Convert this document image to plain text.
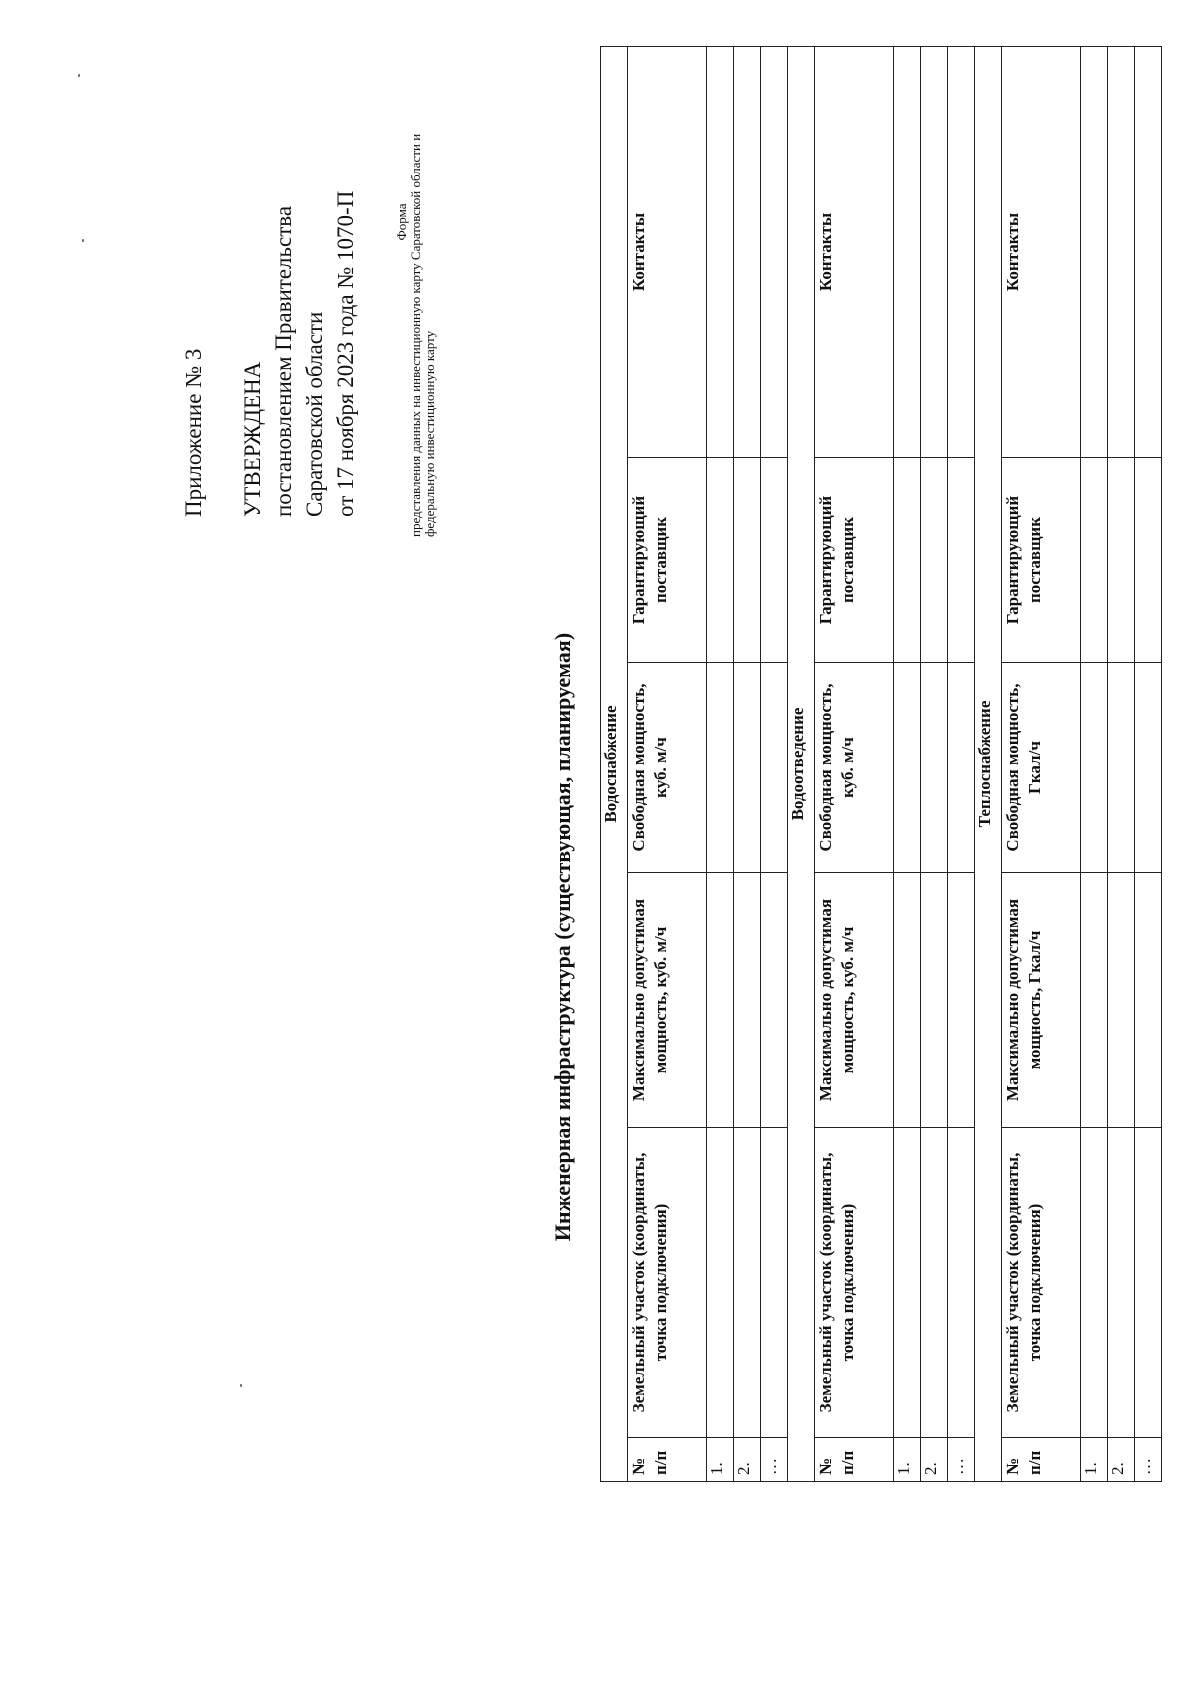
Приложение № 3 УТВЕРЖДЕНА постановлением Правительства Саратовской области от 17 ноября 2023 года № 1070-П	Форма представления данных на инвестиционную карту Саратовской области и федеральную инвестиционную карту
Инженерная инфраструктура (существующая, планируемая) Водоснабжение					
№ п/п	Земельный участок (координаты, точка подключения)	Максимально допустимая мощность, куб. м/ч	Свободная мощность, куб. м/ч	Гарантирующий поставщик	Контакты
1.					
2.					
…					
Водоотведение					
№ п/п	Земельный участок (координаты, точка подключения)	Максимально допустимая мощность, куб. м/ч	Свободная мощность, куб. м/ч	Гарантирующий поставщик	Контакты
1.					
2.					
…					
Теплоснабжение					
№ п/п	Земельный участок (координаты, точка подключения)	Максимально допустимая мощность, Гкал/ч	Свободная мощность, Гкал/ч	Гарантирующий поставщик	Контакты
1.					
2.					
…					
